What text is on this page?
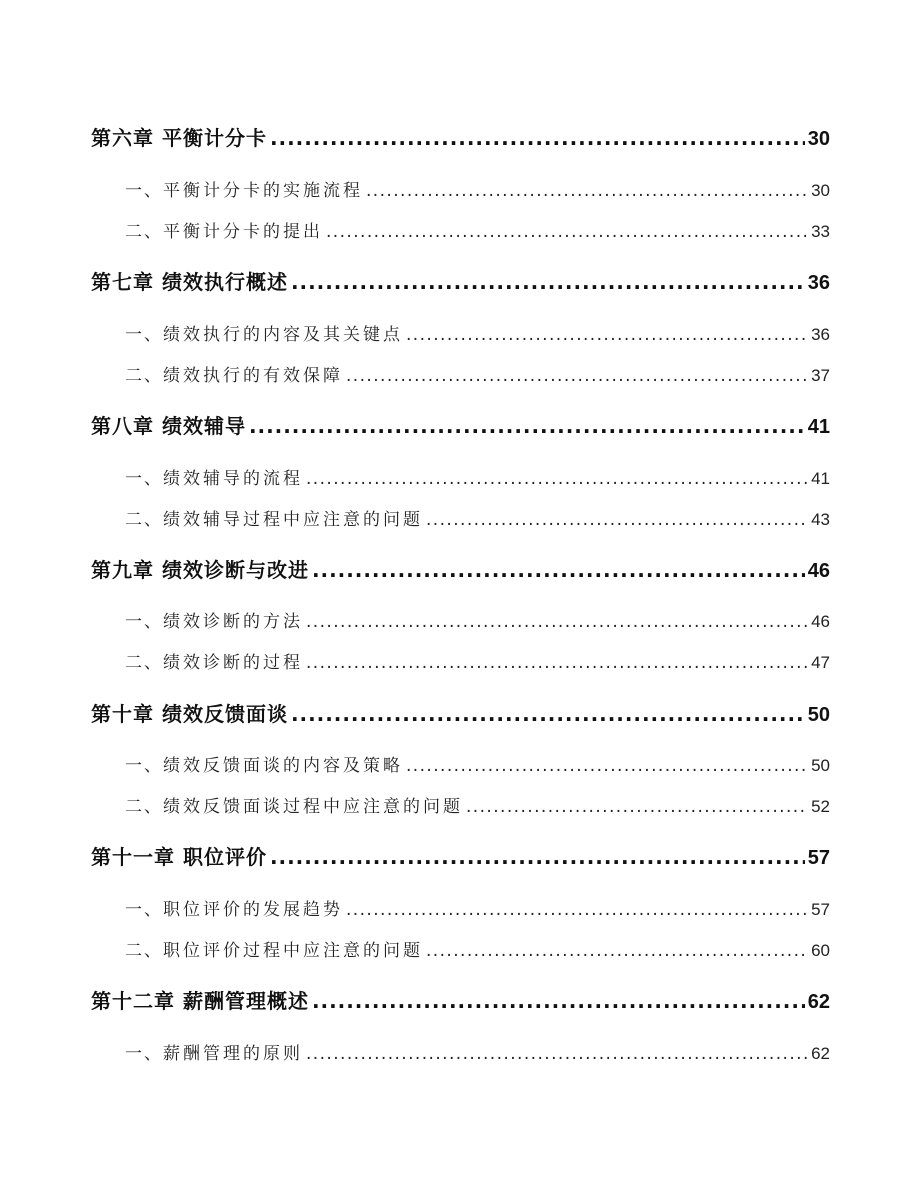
第六章 平衡计分卡 . . .	30
一、 平衡计分卡的实施流程 . . .	30
二、 平衡计分卡的提出 . . .	33
第七章 绩效执行概述 . . .	36
一、 绩效执行的内容及其关键点 . . .	36
二、 绩效执行的有效保障 . . .	37
第八章 绩效辅导 . . .	41
一、 绩效辅导的流程 . . .	41
二、 绩效辅导过程中应注意的问题 . . .	43
第九章 绩效诊断与改进 . . .	46
一、 绩效诊断的方法 . . .	46
二、 绩效诊断的过程 . . .	47
第十章 绩效反馈面谈 . . .	50
一、 绩效反馈面谈的内容及策略 . . .	50
二、 绩效反馈面谈过程中应注意的问题 . . .	52
第十一章 职位评价 . . .	57
一、 职位评价的发展趋势 . . .	57
二、 职位评价过程中应注意的问题 . . .	60
第十二章 薪酬管理概述 . . .	62
一、 薪酬管理的原则 . . .	62
